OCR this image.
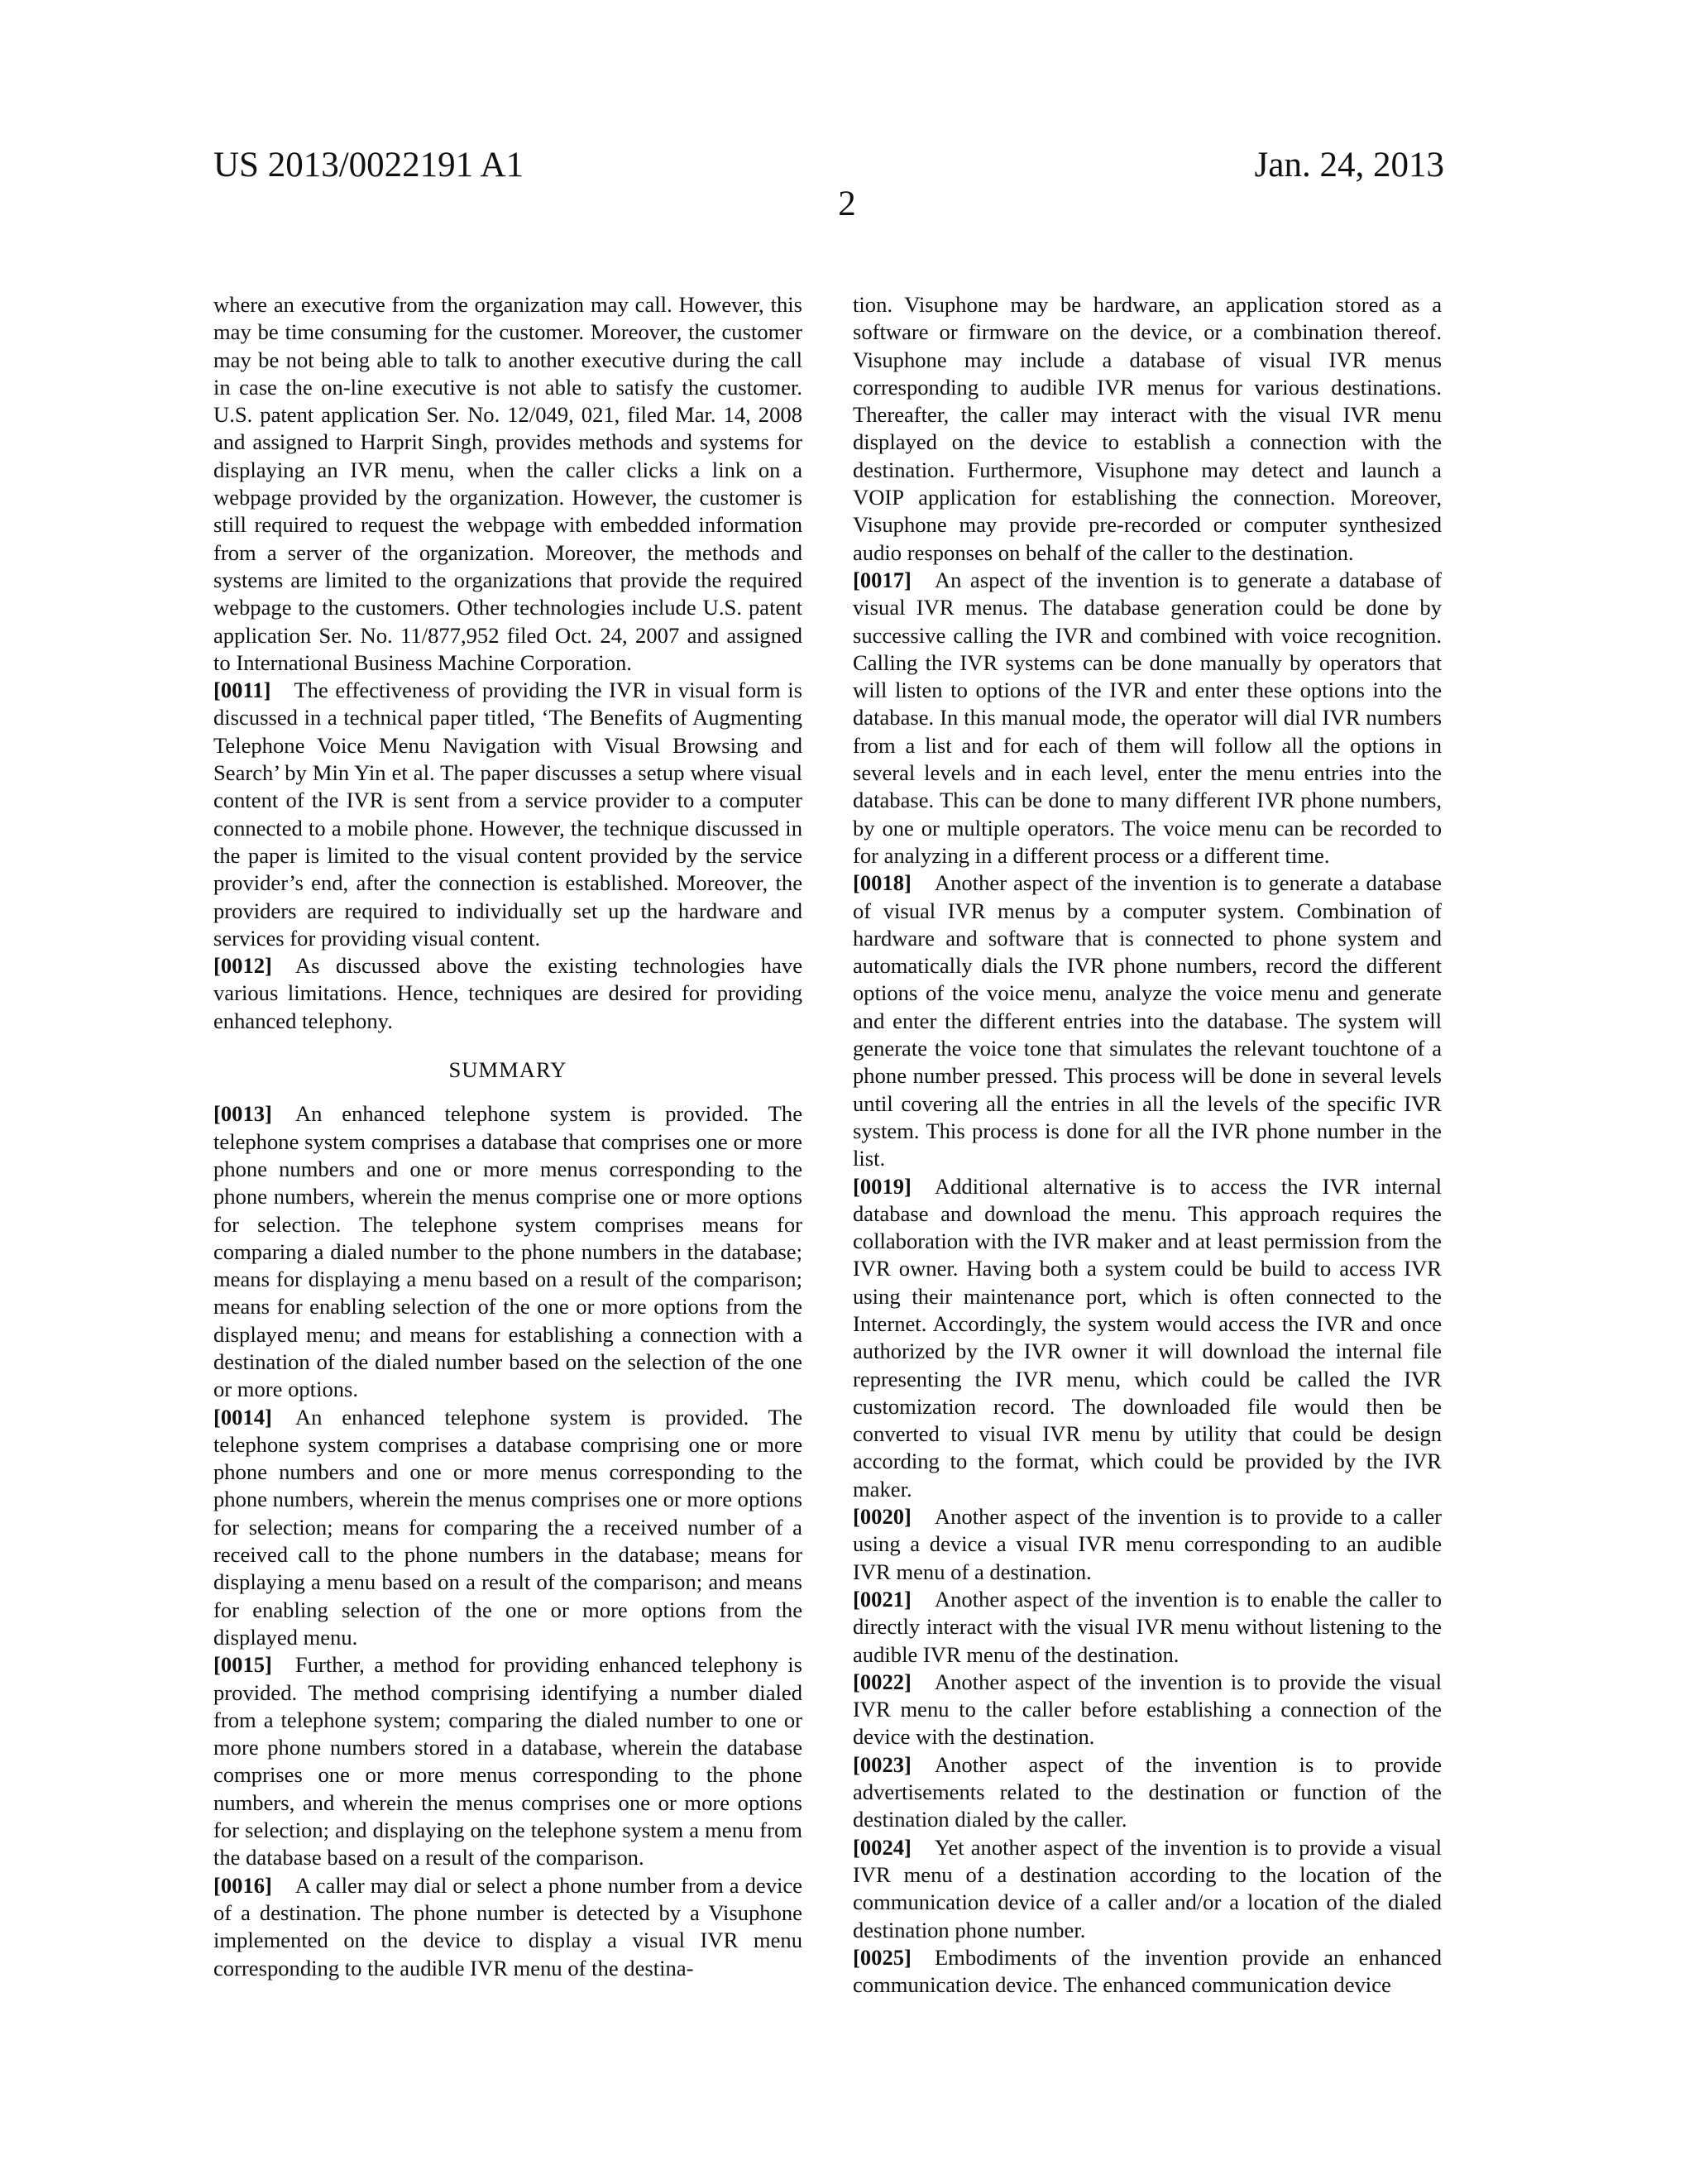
US 2013/0022191 A1	Jan. 24, 2013
2

where an executive from the organization may call. However, this may be time consuming for the customer. Moreover, the customer may be not being able to talk to another executive during the call in case the on-line executive is not able to satisfy the customer. U.S. patent application Ser. No. 12/049, 021, filed Mar. 14, 2008 and assigned to Harprit Singh, provides methods and systems for displaying an IVR menu, when the caller clicks a link on a webpage provided by the organization. However, the customer is still required to request the webpage with embedded information from a server of the organization. Moreover, the methods and systems are limited to the organizations that provide the required webpage to the customers. Other technologies include U.S. patent application Ser. No. 11/877,952 filed Oct. 24, 2007 and assigned to International Business Machine Corporation.

[0011] The effectiveness of providing the IVR in visual form is discussed in a technical paper titled, ‘The Benefits of Augmenting Telephone Voice Menu Navigation with Visual Browsing and Search’ by Min Yin et al. The paper discusses a setup where visual content of the IVR is sent from a service provider to a computer connected to a mobile phone. However, the technique discussed in the paper is limited to the visual content provided by the service provider’s end, after the connection is established. Moreover, the providers are required to individually set up the hardware and services for providing visual content.

[0012] As discussed above the existing technologies have various limitations. Hence, techniques are desired for providing enhanced telephony.

SUMMARY

[0013] An enhanced telephone system is provided. The telephone system comprises a database that comprises one or more phone numbers and one or more menus corresponding to the phone numbers, wherein the menus comprise one or more options for selection. The telephone system comprises means for comparing a dialed number to the phone numbers in the database; means for displaying a menu based on a result of the comparison; means for enabling selection of the one or more options from the displayed menu; and means for establishing a connection with a destination of the dialed number based on the selection of the one or more options.

[0014] An enhanced telephone system is provided. The telephone system comprises a database comprising one or more phone numbers and one or more menus corresponding to the phone numbers, wherein the menus comprises one or more options for selection; means for comparing the a received number of a received call to the phone numbers in the database; means for displaying a menu based on a result of the comparison; and means for enabling selection of the one or more options from the displayed menu.

[0015] Further, a method for providing enhanced telephony is provided. The method comprising identifying a number dialed from a telephone system; comparing the dialed number to one or more phone numbers stored in a database, wherein the database comprises one or more menus corresponding to the phone numbers, and wherein the menus comprises one or more options for selection; and displaying on the telephone system a menu from the database based on a result of the comparison.

[0016] A caller may dial or select a phone number from a device of a destination. The phone number is detected by a Visuphone implemented on the device to display a visual IVR menu corresponding to the audible IVR menu of the destina-

tion. Visuphone may be hardware, an application stored as a software or firmware on the device, or a combination thereof. Visuphone may include a database of visual IVR menus corresponding to audible IVR menus for various destinations. Thereafter, the caller may interact with the visual IVR menu displayed on the device to establish a connection with the destination. Furthermore, Visuphone may detect and launch a VOIP application for establishing the connection. Moreover, Visuphone may provide pre-recorded or computer synthesized audio responses on behalf of the caller to the destination.

[0017] An aspect of the invention is to generate a database of visual IVR menus. The database generation could be done by successive calling the IVR and combined with voice recognition. Calling the IVR systems can be done manually by operators that will listen to options of the IVR and enter these options into the database. In this manual mode, the operator will dial IVR numbers from a list and for each of them will follow all the options in several levels and in each level, enter the menu entries into the database. This can be done to many different IVR phone numbers, by one or multiple operators. The voice menu can be recorded to for analyzing in a different process or a different time.

[0018] Another aspect of the invention is to generate a database of visual IVR menus by a computer system. Combination of hardware and software that is connected to phone system and automatically dials the IVR phone numbers, record the different options of the voice menu, analyze the voice menu and generate and enter the different entries into the database. The system will generate the voice tone that simulates the relevant touchtone of a phone number pressed. This process will be done in several levels until covering all the entries in all the levels of the specific IVR system. This process is done for all the IVR phone number in the list.

[0019] Additional alternative is to access the IVR internal database and download the menu. This approach requires the collaboration with the IVR maker and at least permission from the IVR owner. Having both a system could be build to access IVR using their maintenance port, which is often connected to the Internet. Accordingly, the system would access the IVR and once authorized by the IVR owner it will download the internal file representing the IVR menu, which could be called the IVR customization record. The downloaded file would then be converted to visual IVR menu by utility that could be design according to the format, which could be provided by the IVR maker.

[0020] Another aspect of the invention is to provide to a caller using a device a visual IVR menu corresponding to an audible IVR menu of a destination.

[0021] Another aspect of the invention is to enable the caller to directly interact with the visual IVR menu without listening to the audible IVR menu of the destination.

[0022] Another aspect of the invention is to provide the visual IVR menu to the caller before establishing a connection of the device with the destination.

[0023] Another aspect of the invention is to provide advertisements related to the destination or function of the destination dialed by the caller.

[0024] Yet another aspect of the invention is to provide a visual IVR menu of a destination according to the location of the communication device of a caller and/or a location of the dialed destination phone number.

[0025] Embodiments of the invention provide an enhanced communication device. The enhanced communication device
